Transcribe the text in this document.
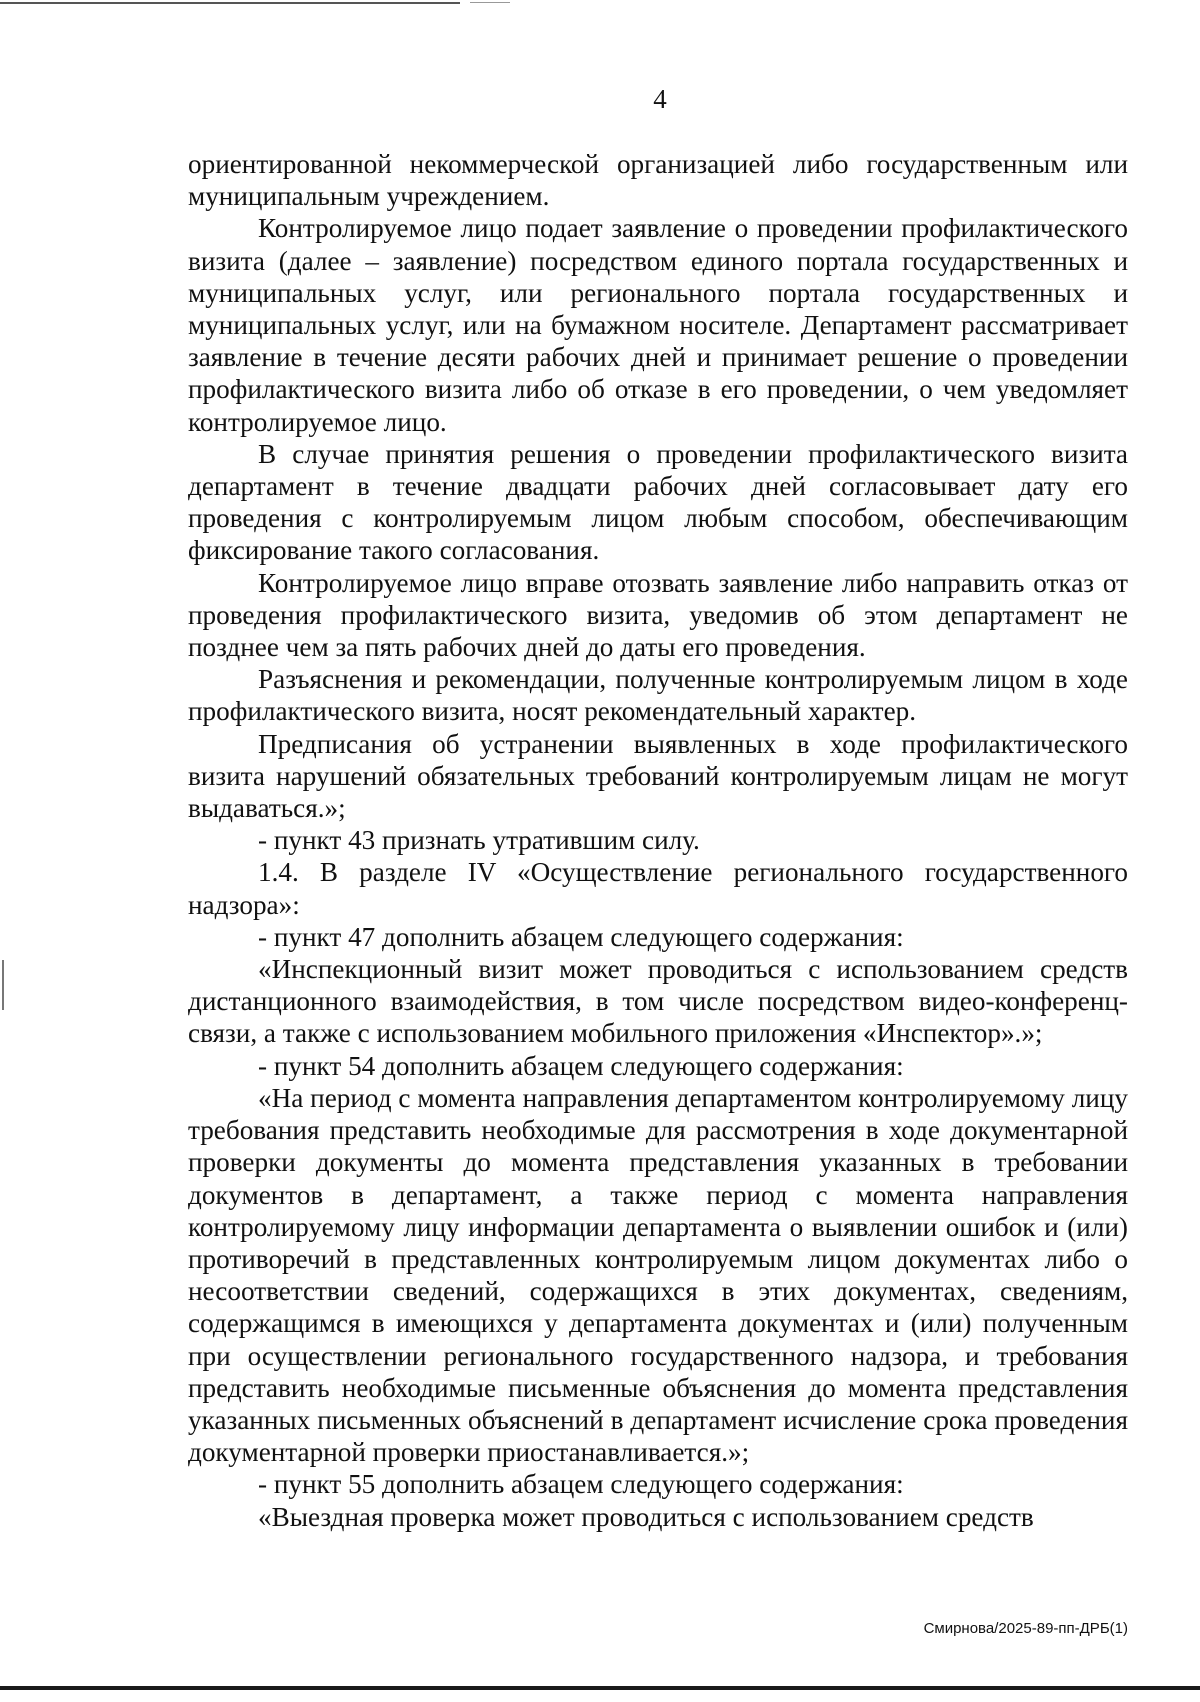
4

ориентированной некоммерческой организацией либо государственным или муниципальным учреждением.

Контролируемое лицо подает заявление о проведении профилактического визита (далее – заявление) посредством единого портала государственных и муниципальных услуг, или регионального портала государственных и муниципальных услуг, или на бумажном носителе. Департамент рассматривает заявление в течение десяти рабочих дней и принимает решение о проведении профилактического визита либо об отказе в его проведении, о чем уведомляет контролируемое лицо.

В случае принятия решения о проведении профилактического визита департамент в течение двадцати рабочих дней согласовывает дату его проведения с контролируемым лицом любым способом, обеспечивающим фиксирование такого согласования.

Контролируемое лицо вправе отозвать заявление либо направить отказ от проведения профилактического визита, уведомив об этом департамент не позднее чем за пять рабочих дней до даты его проведения.

Разъяснения и рекомендации, полученные контролируемым лицом в ходе профилактического визита, носят рекомендательный характер.

Предписания об устранении выявленных в ходе профилактического визита нарушений обязательных требований контролируемым лицам не могут выдаваться.»;

- пункт 43 признать утратившим силу.

1.4. В разделе IV «Осуществление регионального государственного надзора»:

- пункт 47 дополнить абзацем следующего содержания:

«Инспекционный визит может проводиться с использованием средств дистанционного взаимодействия, в том числе посредством видео-конференц-связи, а также с использованием мобильного приложения «Инспектор».»;

- пункт 54 дополнить абзацем следующего содержания:

«На период с момента направления департаментом контролируемому лицу требования представить необходимые для рассмотрения в ходе документарной проверки документы до момента представления указанных в требовании документов в департамент, а также период с момента направления контролируемому лицу информации департамента о выявлении ошибок и (или) противоречий в представленных контролируемым лицом документах либо о несоответствии сведений, содержащихся в этих документах, сведениям, содержащимся в имеющихся у департамента документах и (или) полученным при осуществлении регионального государственного надзора, и требования представить необходимые письменные объяснения до момента представления указанных письменных объяснений в департамент исчисление срока проведения документарной проверки приостанавливается.»;

- пункт 55 дополнить абзацем следующего содержания:

«Выездная проверка может проводиться с использованием средств

Смирнова/2025-89-пп-ДРБ(1)
